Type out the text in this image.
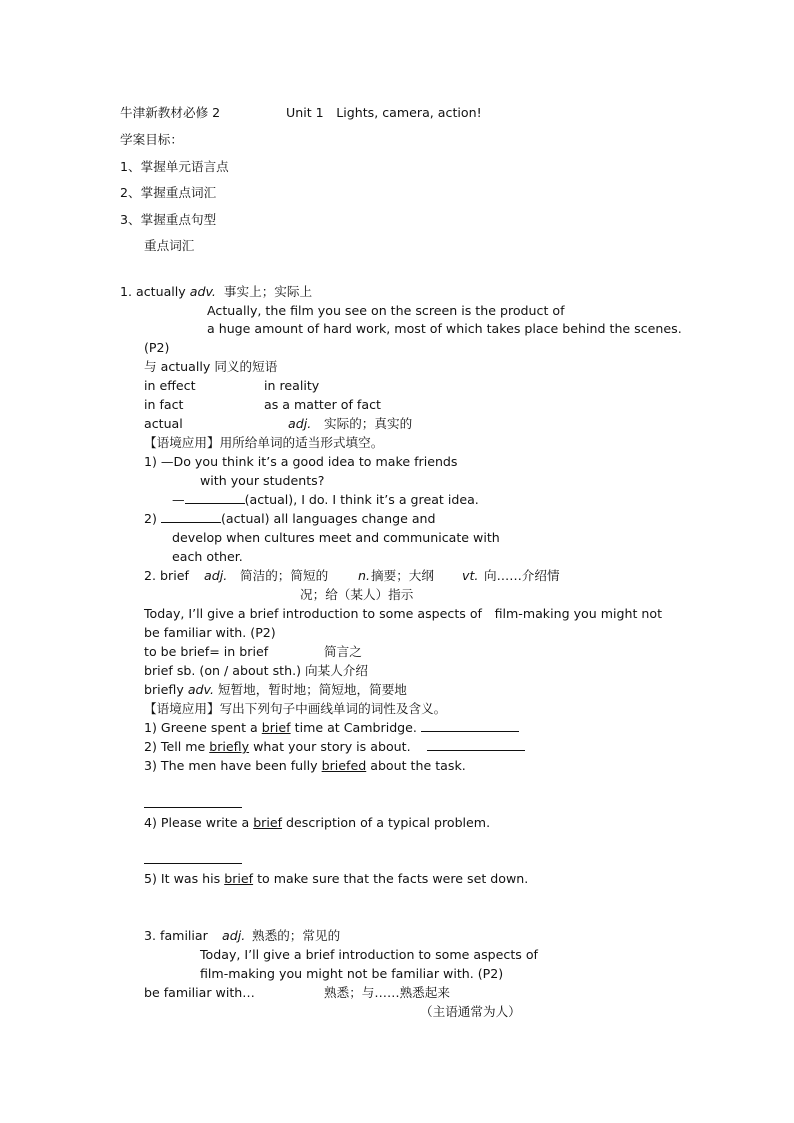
牛津新教材必修 2	Unit 1　Lights, camera, action!
学案目标：
1、掌握单元语言点
2、掌握重点词汇
3、掌握重点句型
重点词汇
1. actually adv. 事实上；实际上
Actually, the film you see on the screen is the product of
a huge amount of hard work, most of which takes place behind the scenes.
(P2)
与 actually 同义的短语
in effect	in reality
in fact	as a matter of fact
actual	adj. 实际的；真实的
【语境应用】用所给单词的适当形式填空。
1) —Do you think it’s a good idea to make friends
with your students?
—	(actual), I do. I think it’s a great idea.
2)	(actual) all languages change and
develop when cultures meet and communicate with
each other.
2. brief adj. 简洁的；简短的 n. 摘要；大纲 vt. 向……介绍情
况；给（某人）指示
Today, I’ll give a brief introduction to some aspects of　film-making you might not
be familiar with. (P2)
to be brief= in brief	简言之
brief sb. (on / about sth.) 向某人介绍
briefly adv. 短暂地，暂时地；简短地，简要地
【语境应用】写出下列句子中画线单词的词性及含义。
1) Greene spent a brief time at Cambridge.
2) Tell me briefly what your story is about.
3) The men have been fully briefed about the task.
4) Please write a brief description of a typical problem.
5) It was his brief to make sure that the facts were set down.
3. familiar adj. 熟悉的；常见的
Today, I’ll give a brief introduction to some aspects of
film-making you might not be familiar with. (P2)
be familiar with…	熟悉；与……熟悉起来
（主语通常为人）
